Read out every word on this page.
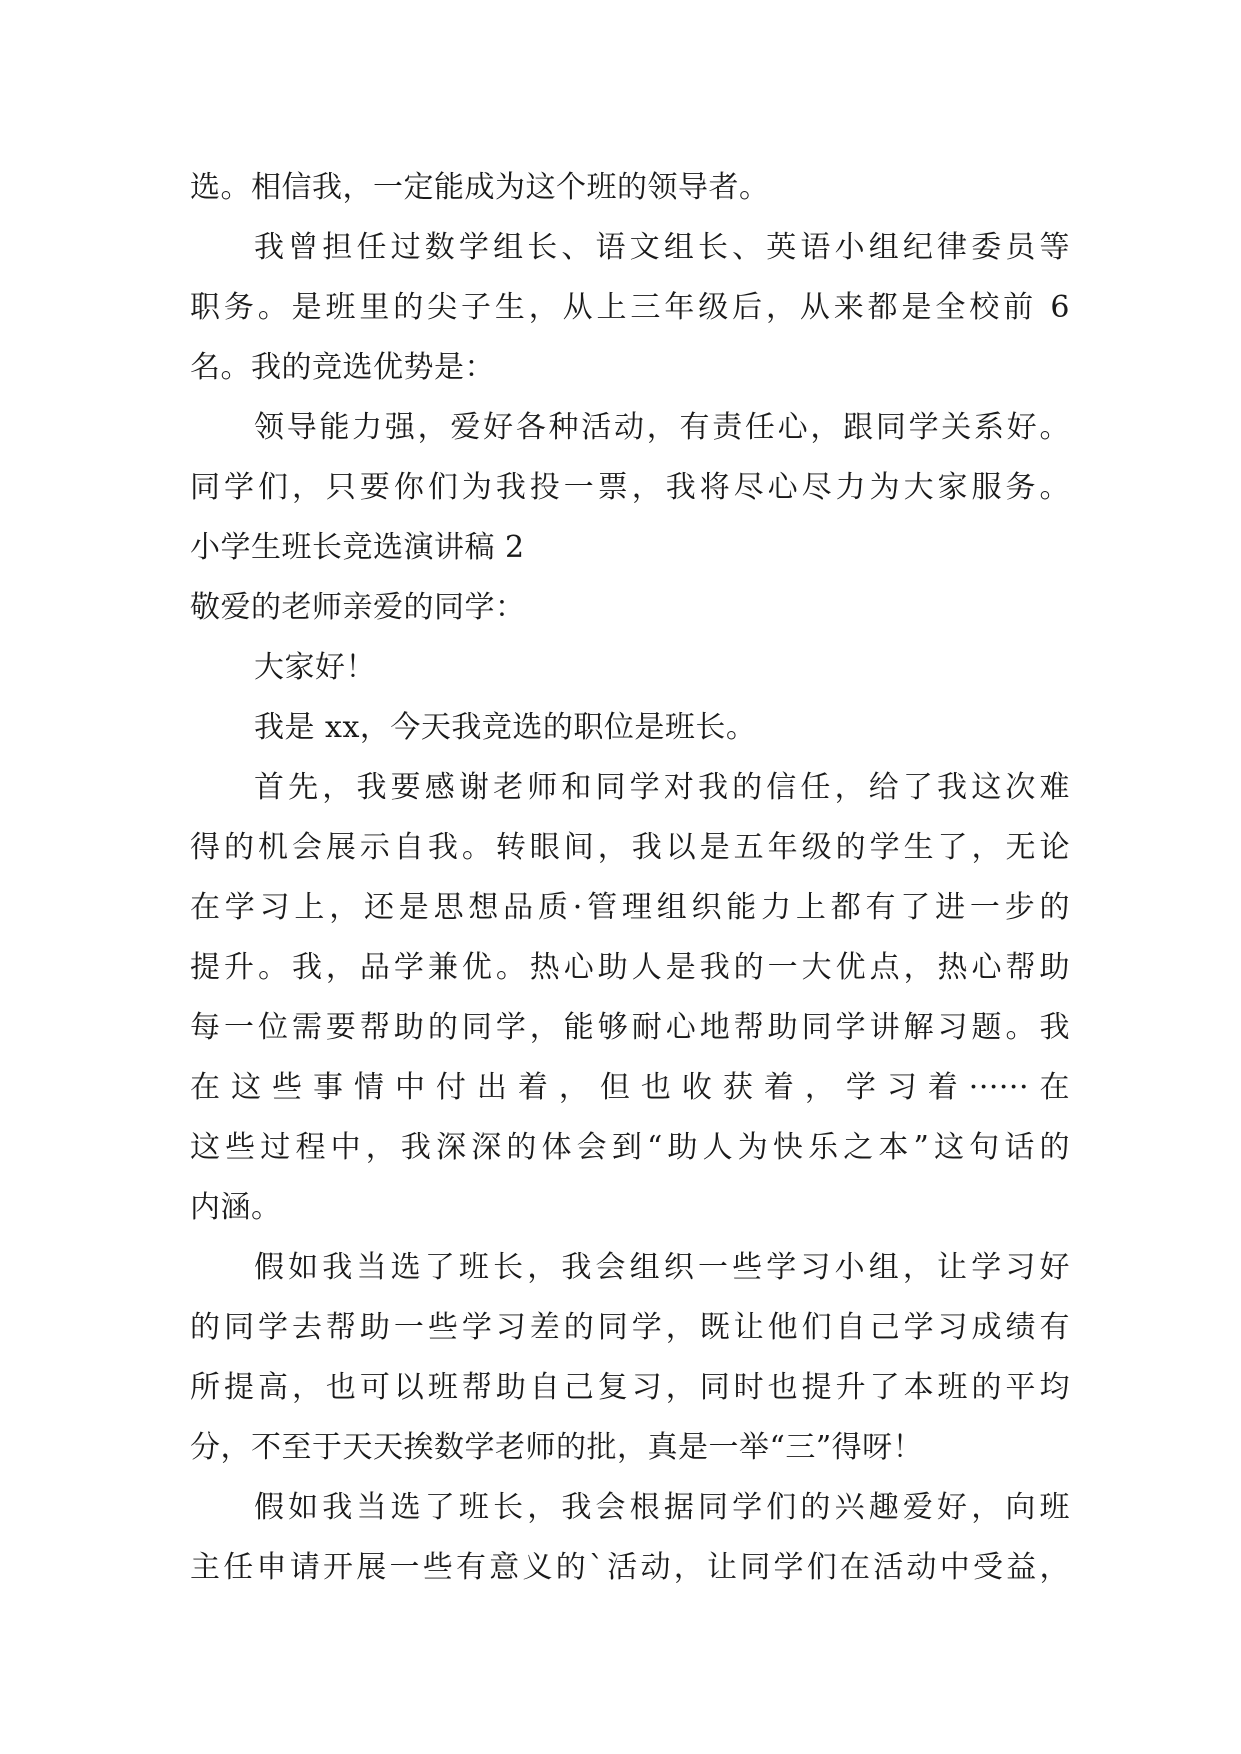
选。相信我，一定能成为这个班的领导者。
我曾担任过数学组长、语文组长、英语小组纪律委员等
职务。是班里的尖子生，从上三年级后，从来都是全校前 6
名。我的竞选优势是：
领导能力强，爱好各种活动，有责任心，跟同学关系好。
同学们，只要你们为我投一票，我将尽心尽力为大家服务。
小学生班长竞选演讲稿 2
敬爱的老师亲爱的同学：
大家好！
我是 xx，今天我竞选的职位是班长。
首先，我要感谢老师和同学对我的信任，给了我这次难
得的机会展示自我。转眼间，我以是五年级的学生了，无论
在学习上，还是思想品质·管理组织能力上都有了进一步的
提升。我，品学兼优。热心助人是我的一大优点，热心帮助
每一位需要帮助的同学，能够耐心地帮助同学讲解习题。我
在这些事情中付出着，但也收获着，学习着······在
这些过程中，我深深的体会到“助人为快乐之本”这句话的
内涵。
假如我当选了班长，我会组织一些学习小组，让学习好
的同学去帮助一些学习差的同学，既让他们自己学习成绩有
所提高，也可以班帮助自己复习，同时也提升了本班的平均
分，不至于天天挨数学老师的批，真是一举“三”得呀！
假如我当选了班长，我会根据同学们的兴趣爱好，向班
主任申请开展一些有意义的`活动，让同学们在活动中受益，
